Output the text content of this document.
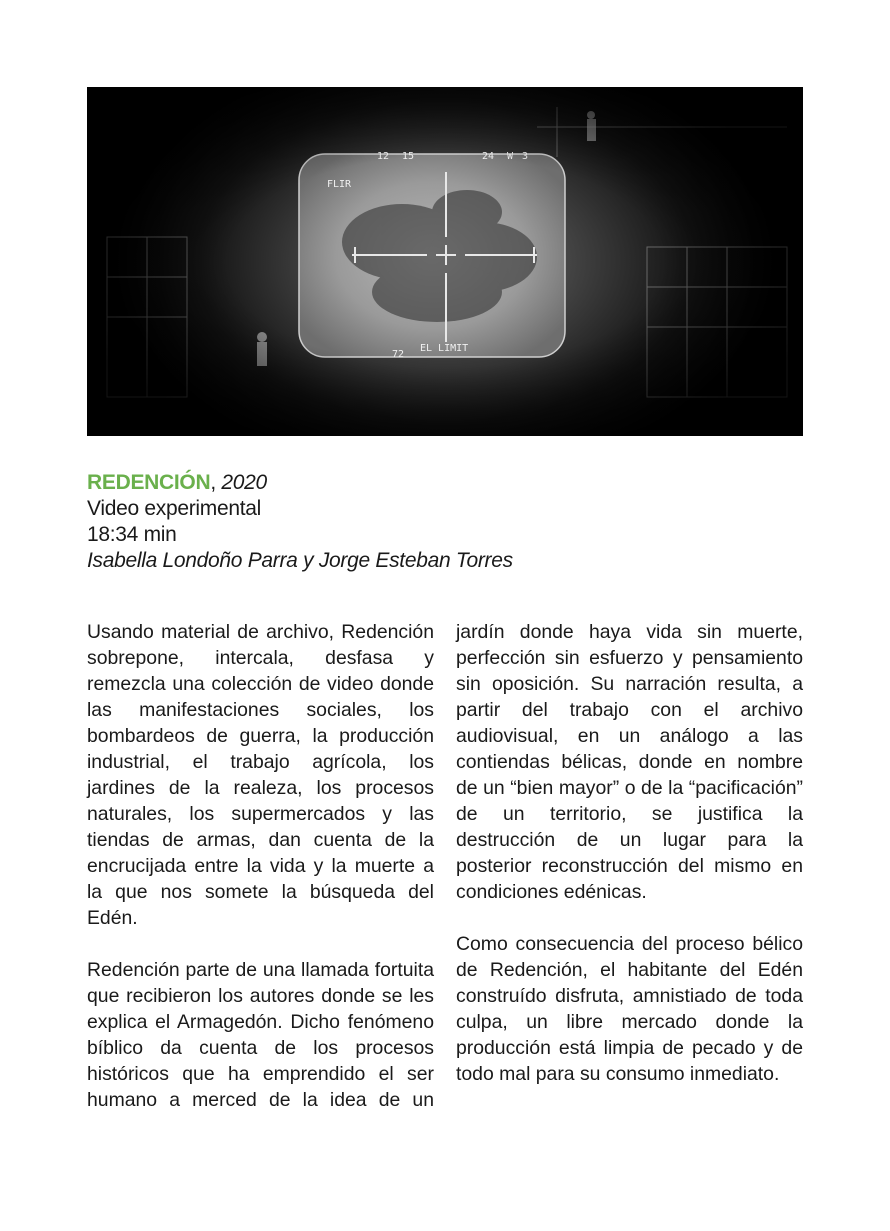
REDENCIÓN, 2020
Video experimental
18:34 min
Isabella Londoño Parra y Jorge Esteban Torres

Usando material de archivo, Redención sobrepone, intercala, desfasa y remezcla una colección de video donde las manifestaciones sociales, los bombardeos de guerra, la producción industrial, el trabajo agrícola, los jardines de la realeza, los procesos naturales, los supermercados y las tiendas de armas, dan cuenta de la encrucijada entre la vida y la muerte a la que nos somete la búsqueda del Edén.

Redención parte de una llamada fortuita que recibieron los autores donde se les explica el Armagedón. Dicho fenómeno bíblico da cuenta de los procesos históricos que ha emprendido el ser humano a merced de la idea de un

jardín donde haya vida sin muerte, perfección sin esfuerzo y pensamiento sin oposición. Su narración resulta, a partir del trabajo con el archivo audiovisual, en un análogo a las contiendas bélicas, donde en nombre de un “bien mayor” o de la “pacificación” de un territorio, se justifica la destrucción de un lugar para la posterior reconstrucción del mismo en condiciones edénicas.

Como consecuencia del proceso bélico de Redención, el habitante del Edén construído disfruta, amnistiado de toda culpa, un libre mercado donde la producción está limpia de pecado y de todo mal para su consumo inmediato.
